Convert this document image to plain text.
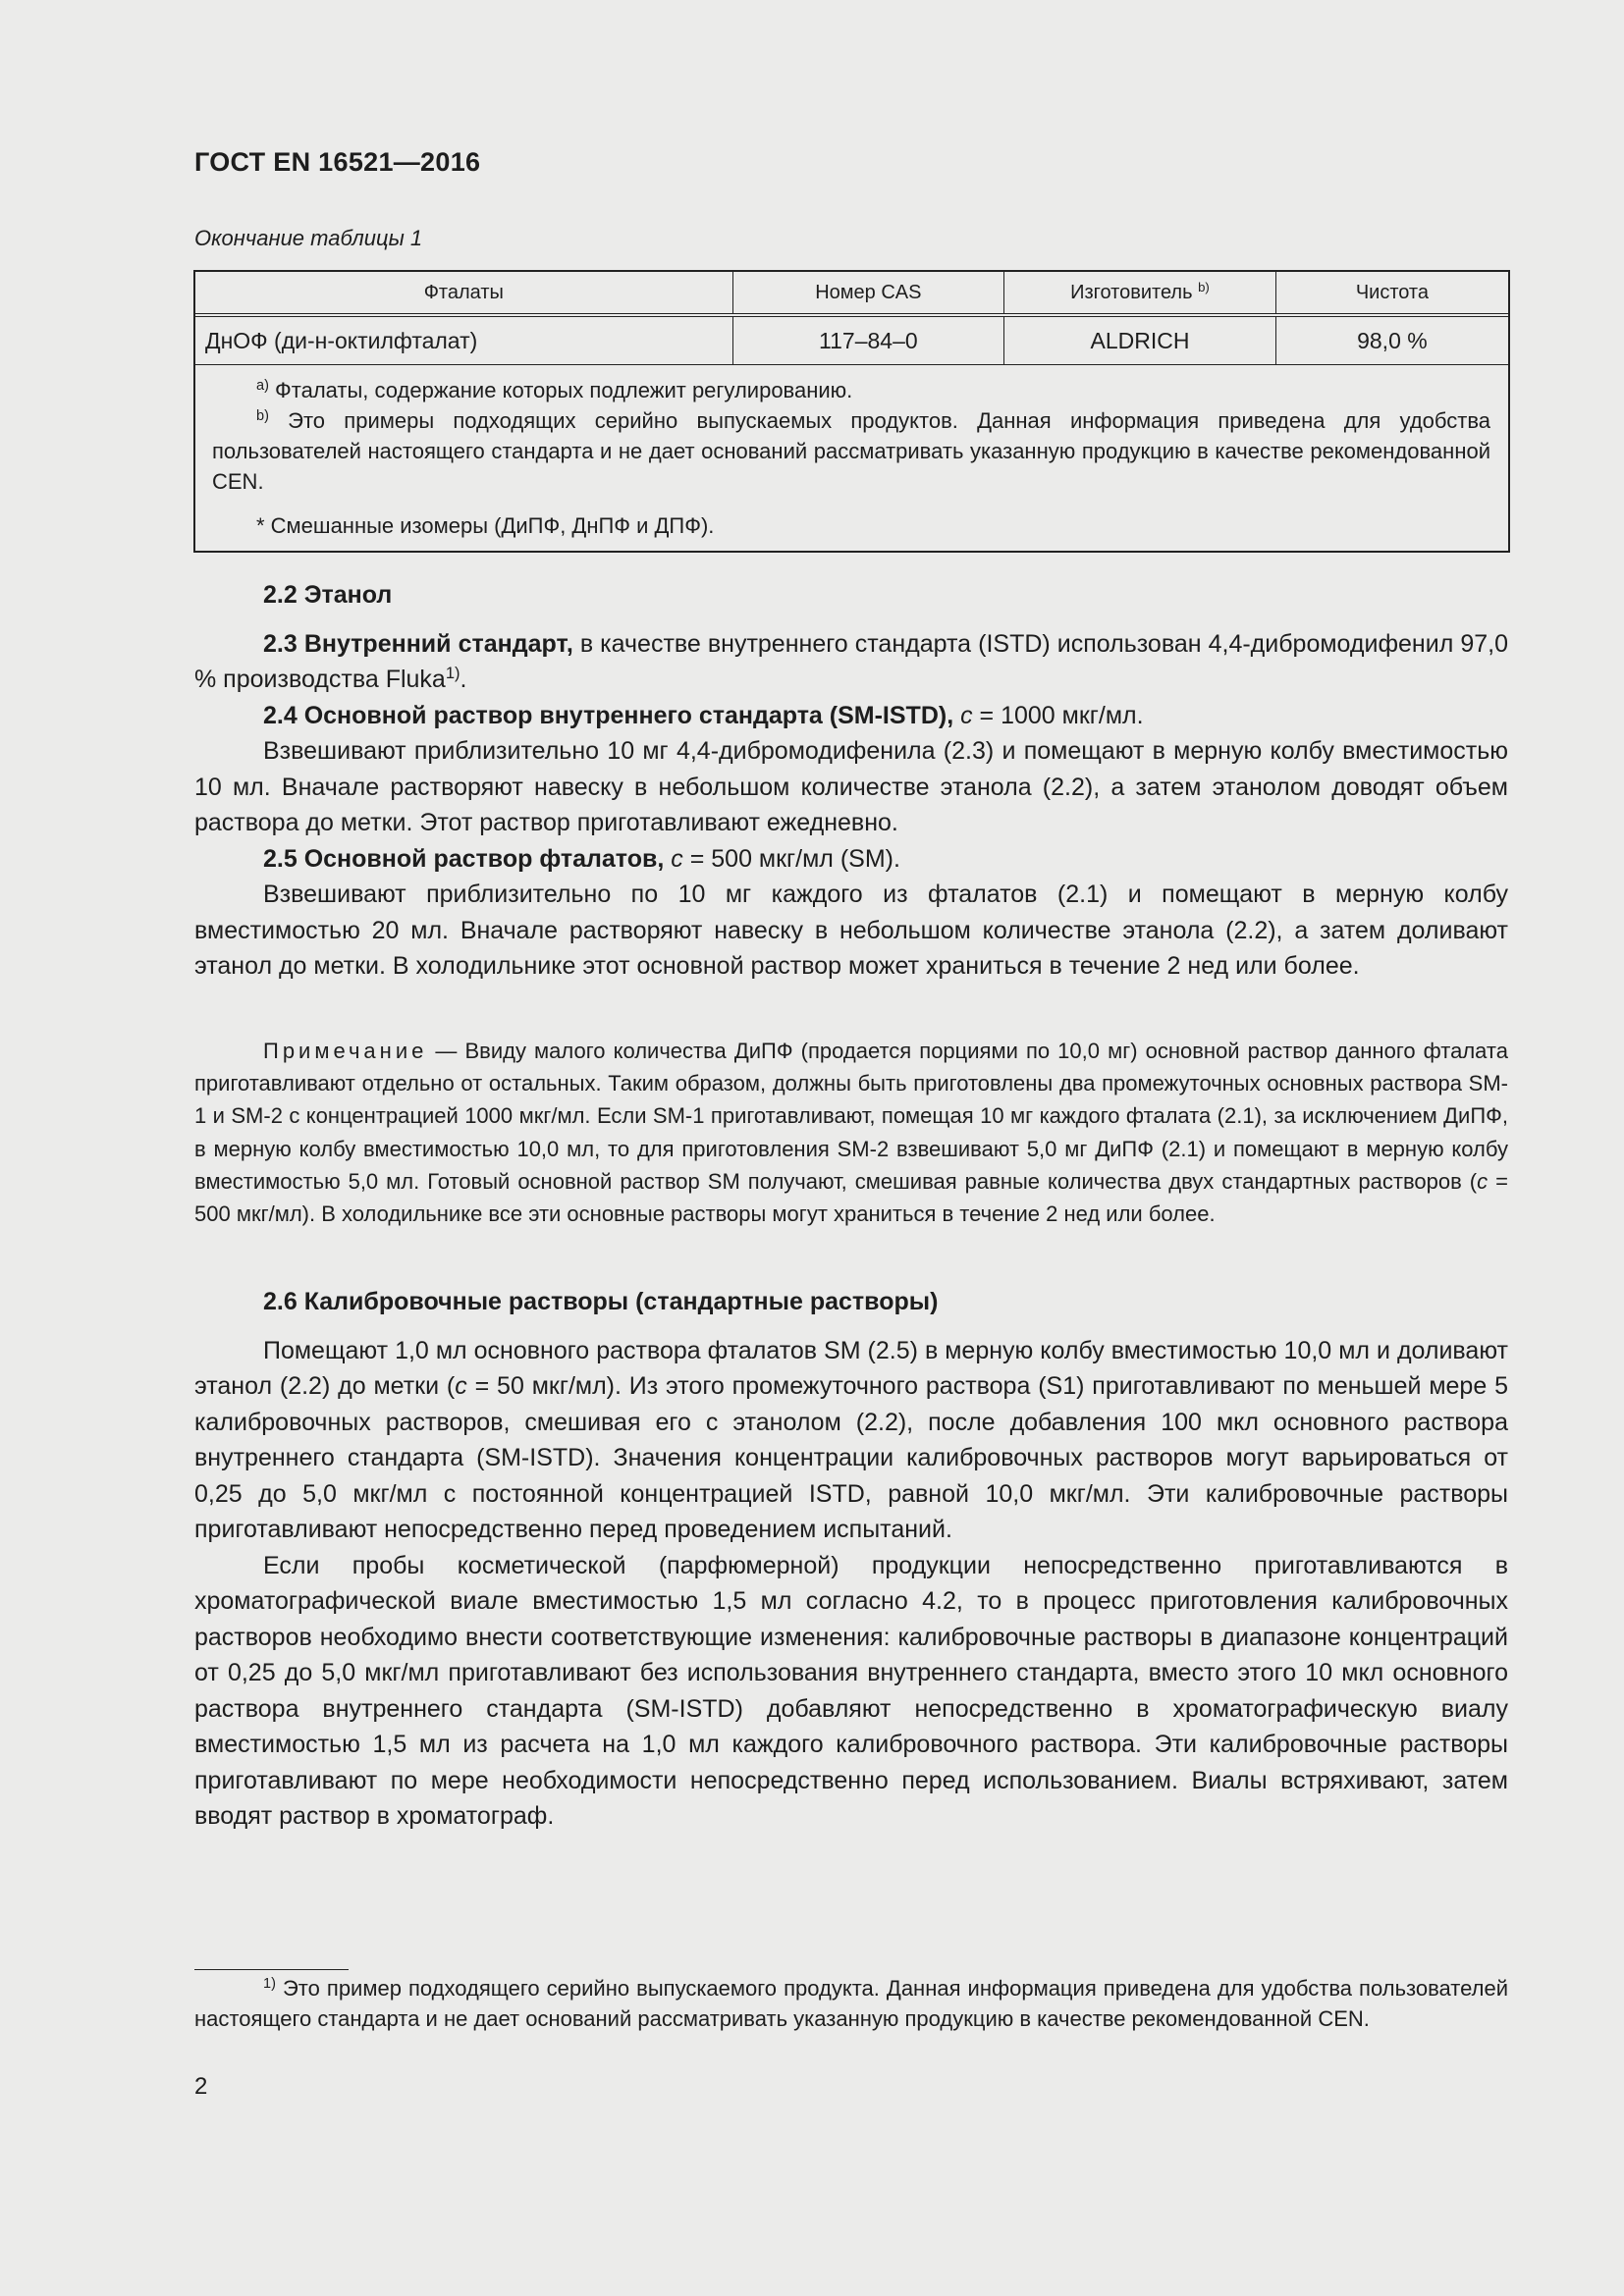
ГОСТ EN 16521—2016
Окончание таблицы 1
Фталаты	Номер CAS	Изготовитель $^{b)}$	Чистота
ДнОФ (ди-н-октилфталат)	117–84–0	ALDRICH	98,0 %

$^{a)}$ Фталаты, содержание которых подлежит регулированию.

$^{b)}$ Это примеры подходящих серийно выпускаемых продуктов. Данная информация приведена для удобства пользователей настоящего стандарта и не дает оснований рассматривать указанную продукцию в качестве рекомендованной CEN.

* Смешанные изомеры (ДиПФ, ДнПФ и ДПФ).

2.2 Этанол

2.3 Внутренний стандарт, в качестве внутреннего стандарта (ISTD) использован 4,4-дибромодифенил 97,0 % производства Fluka$^{1)}$.

2.4 Основной раствор внутреннего стандарта (SM-ISTD), c = 1000 мкг/мл.

Взвешивают приблизительно 10 мг 4,4-дибромодифенила (2.3) и помещают в мерную колбу вместимостью 10 мл. Вначале растворяют навеску в небольшом количестве этанола (2.2), а затем этанолом доводят объем раствора до метки. Этот раствор приготавливают ежедневно.

2.5 Основной раствор фталатов, c = 500 мкг/мл (SM).

Взвешивают приблизительно по 10 мг каждого из фталатов (2.1) и помещают в мерную колбу вместимостью 20 мл. Вначале растворяют навеску в небольшом количестве этанола (2.2), а затем доливают этанол до метки. В холодильнике этот основной раствор может храниться в течение 2 нед или более.

Примечание — Ввиду малого количества ДиПФ (продается порциями по 10,0 мг) основной раствор данного фталата приготавливают отдельно от остальных. Таким образом, должны быть приготовлены два промежуточных основных раствора SM-1 и SM-2 с концентрацией 1000 мкг/мл. Если SM-1 приготавливают, помещая 10 мг каждого фталата (2.1), за исключением ДиПФ, в мерную колбу вместимостью 10,0 мл, то для приготовления SM-2 взвешивают 5,0 мг ДиПФ (2.1) и помещают в мерную колбу вместимостью 5,0 мл. Готовый основной раствор SM получают, смешивая равные количества двух стандартных растворов (c = 500 мкг/мл). В холодильнике все эти основные растворы могут храниться в течение 2 нед или более.

2.6 Калибровочные растворы (стандартные растворы)

Помещают 1,0 мл основного раствора фталатов SM (2.5) в мерную колбу вместимостью 10,0 мл и доливают этанол (2.2) до метки (c = 50 мкг/мл). Из этого промежуточного раствора (S1) приготавливают по меньшей мере 5 калибровочных растворов, смешивая его с этанолом (2.2), после добавления 100 мкл основного раствора внутреннего стандарта (SM-ISTD). Значения концентрации калибровочных растворов могут варьироваться от 0,25 до 5,0 мкг/мл с постоянной концентрацией ISTD, равной 10,0 мкг/мл. Эти калибровочные растворы приготавливают непосредственно перед проведением испытаний.

Если пробы косметической (парфюмерной) продукции непосредственно приготавливаются в хроматографической виале вместимостью 1,5 мл согласно 4.2, то в процесс приготовления калибровочных растворов необходимо внести соответствующие изменения: калибровочные растворы в диапазоне концентраций от 0,25 до 5,0 мкг/мл приготавливают без использования внутреннего стандарта, вместо этого 10 мкл основного раствора внутреннего стандарта (SM-ISTD) добавляют непосредственно в хроматографическую виалу вместимостью 1,5 мл из расчета на 1,0 мл каждого калибровочного раствора. Эти калибровочные растворы приготавливают по мере необходимости непосредственно перед использованием. Виалы встряхивают, затем вводят раствор в хроматограф.

$^{1)}$ Это пример подходящего серийно выпускаемого продукта. Данная информация приведена для удобства пользователей настоящего стандарта и не дает оснований рассматривать указанную продукцию в качестве рекомендованной CEN.

2
